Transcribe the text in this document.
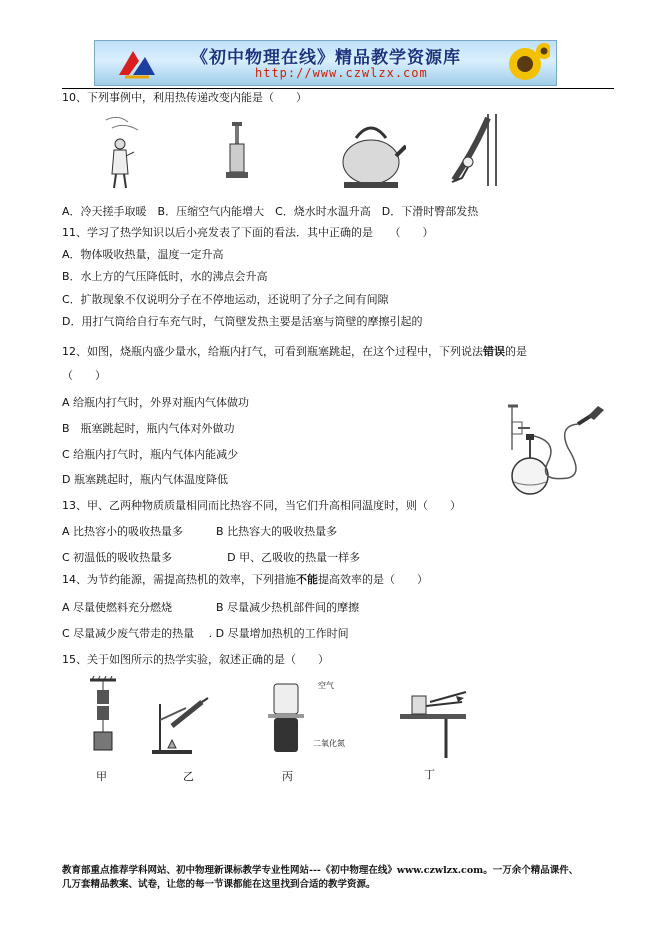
《初中物理在线》精品教学资源库
http://www.czwlzx.com
10、下列事例中，利用热传递改变内能是（　　）
A．冷天搓手取暖　B．压缩空气内能增大　C．烧水时水温升高　D．下滑时臀部发热
11、学习了热学知识以后小亮发表了下面的看法．其中正确的是　　（　　）
A．物体吸收热量，温度一定升高
B．水上方的气压降低时，水的沸点会升高
C．扩散现象不仅说明分子在不停地运动，还说明了分子之间有间隙
D．用打气筒给自行车充气时，气筒壁发热主要是活塞与筒壁的摩擦引起的
12、如图，烧瓶内盛少量水，给瓶内打气，可看到瓶塞跳起，在这个过程中，下列说法错误的是
（　　）
A 给瓶内打气时，外界对瓶内气体做功
B　瓶塞跳起时，瓶内气体对外做功
C 给瓶内打气时，瓶内气体内能减少
D 瓶塞跳起时，瓶内气体温度降低
13、甲、乙两种物质质量相同而比热容不同，当它们升高相同温度时，则（　　）
A 比热容小的吸收热量多　　　B 比热容大的吸收热量多
C 初温低的吸收热量多　　　　　D 甲、乙吸收的热量一样多
14、为节约能源，需提高热机的效率，下列措施不能提高效率的是（　　）
A 尽量使燃料充分燃烧　　　　B 尽量减少热机部件间的摩擦
C 尽量减少废气带走的热量　 . D 尽量增加热机的工作时间
15、关于如图所示的热学实验，叙述正确的是（　　）
空气
二氧化氮
甲	乙	丙	丁
教育部重点推荐学科网站、初中物理新课标教学专业性网站---《初中物理在线》www.czwlzx.com。一万余个精品课件、
几万套精品教案、试卷，让您的每一节课都能在这里找到合适的教学资源。
